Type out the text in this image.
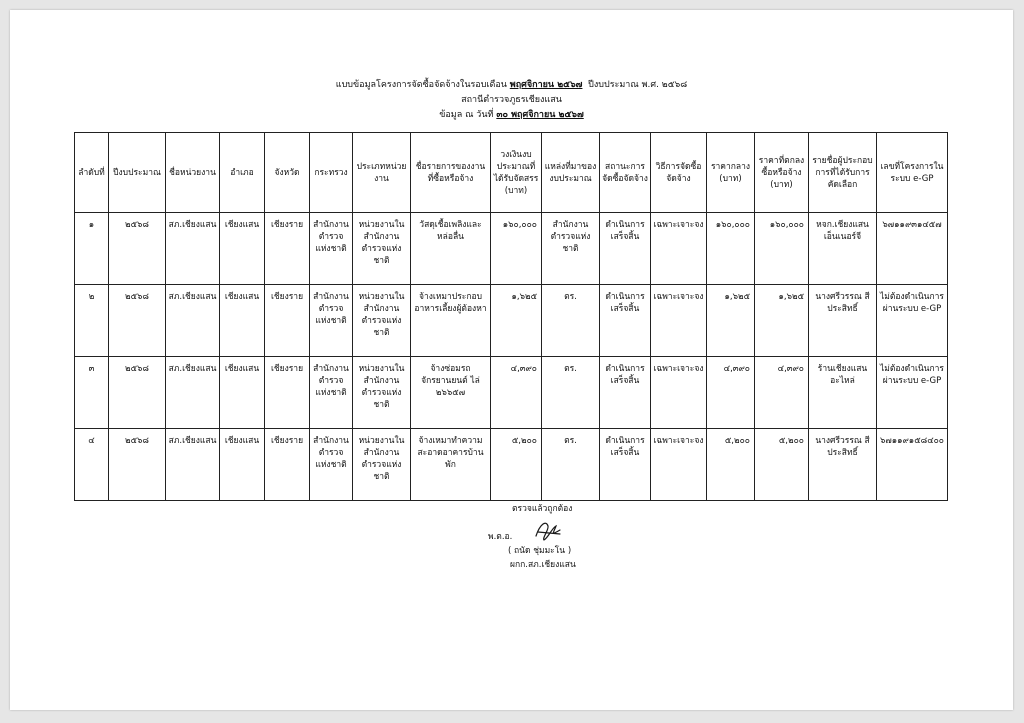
แบบข้อมูลโครงการจัดซื้อจัดจ้างในรอบเดือน พฤศจิกายน ๒๕๖๗ ปีงบประมาณ พ.ศ. ๒๕๖๘
สถานีตำรวจภูธรเชียงแสน
ข้อมูล ณ วันที่ ๓๐ พฤศจิกายน ๒๕๖๗
ลำดับที่	ปีงบประมาณ	ชื่อหน่วยงาน	อำเภอ	จังหวัด	กระทรวง	ประเภทหน่วยงาน	ชื่อรายการของงานที่ซื้อหรือจ้าง	วงเงินงบประมาณที่ได้รับจัดสรร (บาท)	แหล่งที่มาของงบประมาณ	สถานะการจัดซื้อจัดจ้าง	วิธีการจัดซื้อจัดจ้าง	ราคากลาง (บาท)	ราคาที่ตกลงซื้อหรือจ้าง (บาท)	รายชื่อผู้ประกอบการที่ได้รับการคัดเลือก	เลขที่โครงการในระบบ e-GP
๑	๒๕๖๘	สภ.เชียงแสน	เชียงแสน	เชียงราย	สำนักงานตำรวจแห่งชาติ	หน่วยงานในสำนักงานตำรวจแห่งชาติ	วัสดุเชื้อเพลิงและหล่อลื่น	๑๖๐,๐๐๐	สำนักงานตำรวจแห่งชาติ	ดำเนินการเสร็จสิ้น	เฉพาะเจาะจง	๑๖๐,๐๐๐	๑๖๐,๐๐๐	หจก.เชียงแสนเอ็นเนอร์จี	๖๗๑๑๙๓๑๔๕๗
๒	๒๕๖๘	สภ.เชียงแสน	เชียงแสน	เชียงราย	สำนักงานตำรวจแห่งชาติ	หน่วยงานในสำนักงานตำรวจแห่งชาติ	จ้างเหมาประกอบอาหารเลี้ยงผู้ต้องหา	๑,๖๒๕	ตร.	ดำเนินการเสร็จสิ้น	เฉพาะเจาะจง	๑,๖๒๕	๑,๖๒๕	นางศรีวรรณ สีประสิทธิ์	ไม่ต้องดำเนินการผ่านระบบ e-GP
๓	๒๕๖๘	สภ.เชียงแสน	เชียงแสน	เชียงราย	สำนักงานตำรวจแห่งชาติ	หน่วยงานในสำนักงานตำรวจแห่งชาติ	จ้างซ่อมรถจักรยานยนต์ ไล่ ๒๖๖๕๗	๔,๓๙๐	ตร.	ดำเนินการเสร็จสิ้น	เฉพาะเจาะจง	๔,๓๙๐	๔,๓๙๐	ร้านเชียงแสนอะไหล่	ไม่ต้องดำเนินการผ่านระบบ e-GP
๔	๒๕๖๘	สภ.เชียงแสน	เชียงแสน	เชียงราย	สำนักงานตำรวจแห่งชาติ	หน่วยงานในสำนักงานตำรวจแห่งชาติ	จ้างเหมาทำความสะอาดอาคารบ้านพัก	๕,๒๐๐	ตร.	ดำเนินการเสร็จสิ้น	เฉพาะเจาะจง	๕,๒๐๐	๕,๒๐๐	นางศรีวรรณ สีประสิทธิ์	๖๗๑๑๙๑๕๘๔๐๐
ตรวจแล้วถูกต้อง
พ.ต.อ.
( ถนัด ชุ่มมะโน )
ผกก.สภ.เชียงแสน
